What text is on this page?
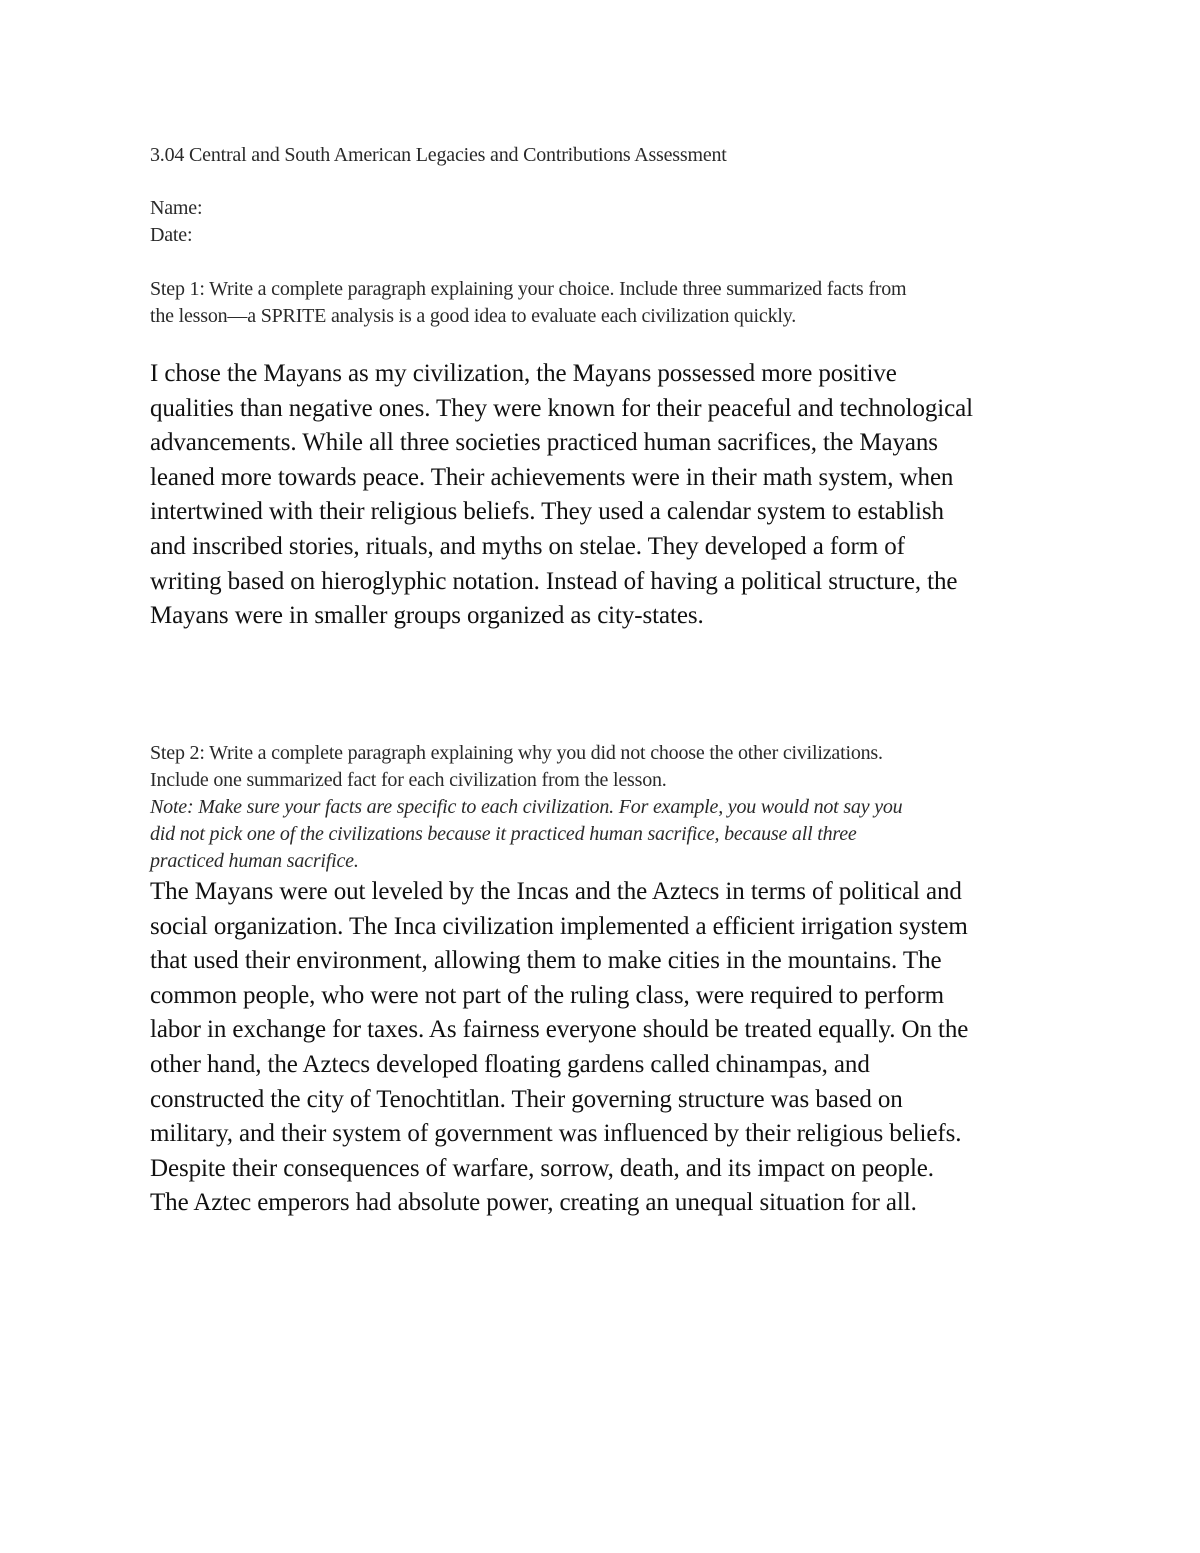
3.04 Central and South American Legacies and Contributions Assessment

Name:

Date:

Step 1: Write a complete paragraph explaining your choice. Include three summarized facts from
the lesson—a SPRITE analysis is a good idea to evaluate each civilization quickly.

I chose the Mayans as my civilization, the Mayans possessed more positive
qualities than negative ones. They were known for their peaceful and technological
advancements. While all three societies practiced human sacrifices, the Mayans
leaned more towards peace. Their achievements were in their math system, when
intertwined with their religious beliefs. They used a calendar system to establish
and inscribed stories, rituals, and myths on stelae. They developed a form of
writing based on hieroglyphic notation. Instead of having a political structure, the
Mayans were in smaller groups organized as city-states.

Step 2: Write a complete paragraph explaining why you did not choose the other civilizations.
Include one summarized fact for each civilization from the lesson.

Note: Make sure your facts are specific to each civilization. For example, you would not say you
did not pick one of the civilizations because it practiced human sacrifice, because all three
practiced human sacrifice.

The Mayans were out leveled by the Incas and the Aztecs in terms of political and
social organization. The Inca civilization implemented a efficient irrigation system
that used their environment, allowing them to make cities in the mountains. The
common people, who were not part of the ruling class, were required to perform
labor in exchange for taxes. As fairness everyone should be treated equally. On the
other hand, the Aztecs developed floating gardens called chinampas, and
constructed the city of Tenochtitlan. Their governing structure was based on
military, and their system of government was influenced by their religious beliefs.
Despite their consequences of warfare, sorrow, death, and its impact on people.
The Aztec emperors had absolute power, creating an unequal situation for all.
